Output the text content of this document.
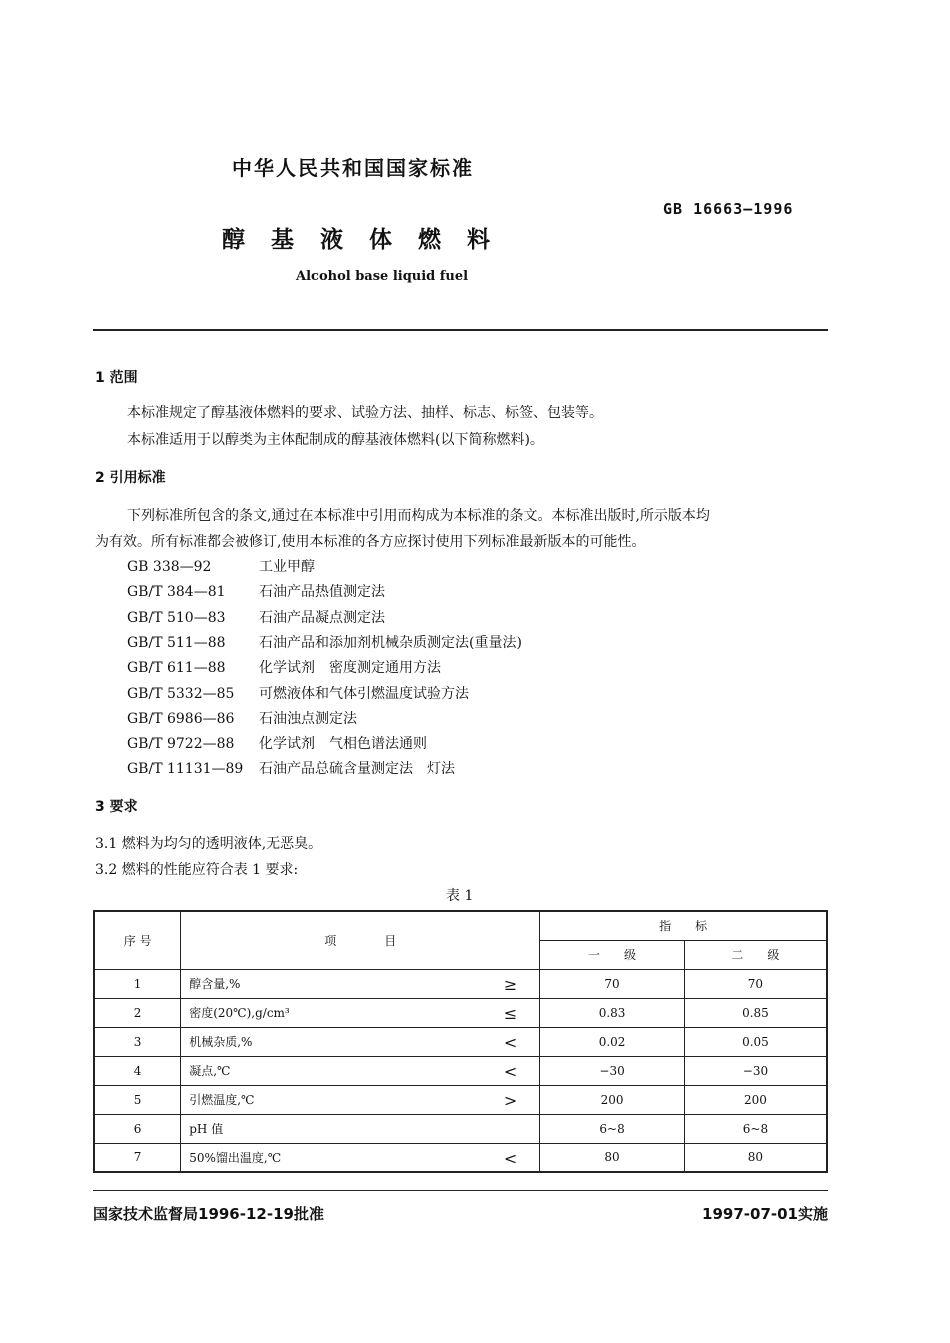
中华人民共和国国家标准
GB 16663—1996
醇基液体燃料
Alcohol base liquid fuel
1 范围
本标准规定了醇基液体燃料的要求、试验方法、抽样、标志、标签、包装等。
本标准适用于以醇类为主体配制成的醇基液体燃料(以下简称燃料)。
2 引用标准
下列标准所包含的条文,通过在本标准中引用而构成为本标准的条文。本标准出版时,所示版本均
为有效。所有标准都会被修订,使用本标准的各方应探讨使用下列标准最新版本的可能性。
GB 338—92	工业甲醇
GB/T 384—81 石油产品热值测定法
GB/T 510—83 石油产品凝点测定法
GB/T 511—88 石油产品和添加剂机械杂质测定法(重量法)
GB/T 611—88 化学试剂　密度测定通用方法
GB/T 5332—85 可燃液体和气体引燃温度试验方法
GB/T 6986—86 石油浊点测定法
GB/T 9722—88 化学试剂　气相色谱法通则
GB/T 11131—89 石油产品总硫含量测定法　灯法
3 要求
3.1 燃料为均匀的透明液体,无恶臭。
3.2 燃料的性能应符合表 1 要求:
表 1
序 号	项　　　　目	指　　标	
		一　　级	二　　级
1	醇含量,% ≥	70	70
2	密度(20℃),g/cm³ ≤	0.83	0.85
3	机械杂质,% <	0.02	0.05
4	凝点,℃ <	−30	−30
5	引燃温度,℃ >	200	200
6	pH 值	6~8	6~8
7	50%馏出温度,℃ <	80	80
国家技术监督局1996-12-19批准	1997-07-01实施
